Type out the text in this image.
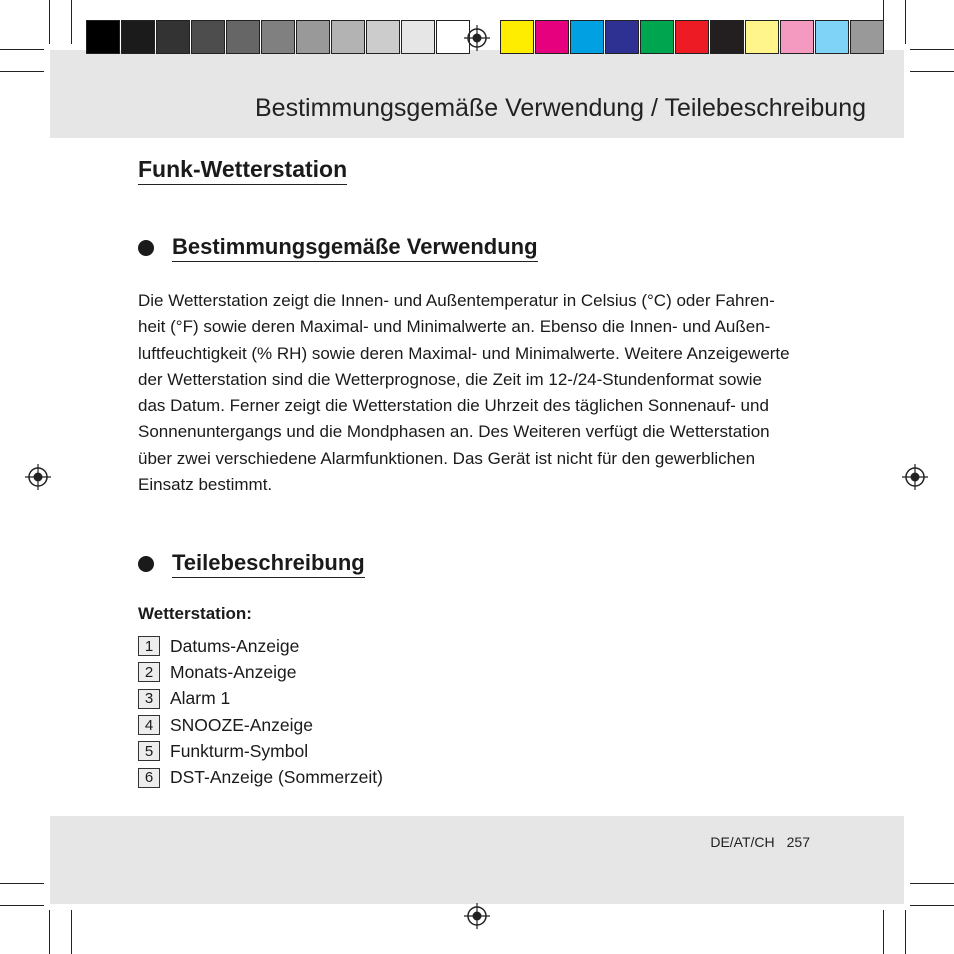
Bestimmungsgemäße Verwendung / Teilebeschreibung
Funk-Wetterstation
Bestimmungsgemäße Verwendung
Die Wetterstation zeigt die Innen- und Außentemperatur in Celsius (°C) oder Fahren-
heit (°F) sowie deren Maximal- und Minimalwerte an. Ebenso die Innen- und Außen-
luftfeuchtigkeit (% RH) sowie deren Maximal- und Minimalwerte. Weitere Anzeigewerte
der Wetterstation sind die Wetterprognose, die Zeit im 12-/24-Stundenformat sowie
das Datum. Ferner zeigt die Wetterstation die Uhrzeit des täglichen Sonnenauf- und
Sonnenuntergangs und die Mondphasen an. Des Weiteren verfügt die Wetterstation
über zwei verschiedene Alarmfunktionen. Das Gerät ist nicht für den gewerblichen
Einsatz bestimmt.
Teilebeschreibung
Wetterstation:
1 Datums-Anzeige
2 Monats-Anzeige
3 Alarm 1
4 SNOOZE-Anzeige
5 Funkturm-Symbol
6 DST-Anzeige (Sommerzeit)
DE/AT/CH 257
